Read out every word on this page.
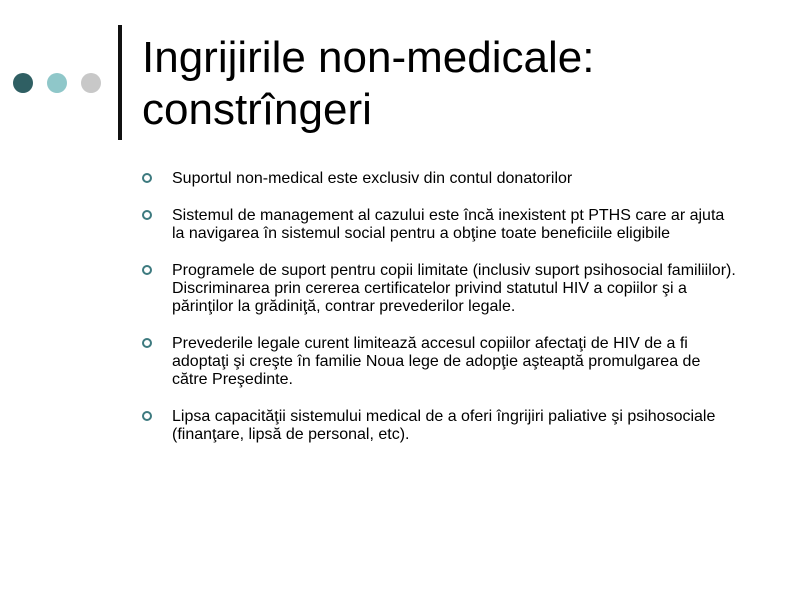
Ingrijirile non-medicale: constrîngeri
Suportul non-medical este exclusiv din contul donatorilor
Sistemul de management al cazului este încă inexistent pt PTHS care ar ajuta la navigarea în sistemul social pentru a obţine toate beneficiile eligibile
Programele de suport pentru copii limitate (inclusiv suport psihosocial familiilor). Discriminarea prin cererea certificatelor privind statutul HIV a copiilor şi a părinţilor la grădiniţă, contrar prevederilor legale.
Prevederile legale curent limitează accesul copiilor afectaţi de HIV de a fi adoptaţi şi creşte în familie Noua lege de adopţie aşteaptă promulgarea de către Preşedinte.
Lipsa capacităţii sistemului medical de a oferi îngrijiri paliative şi psihosociale (finanţare, lipsă de personal, etc).
